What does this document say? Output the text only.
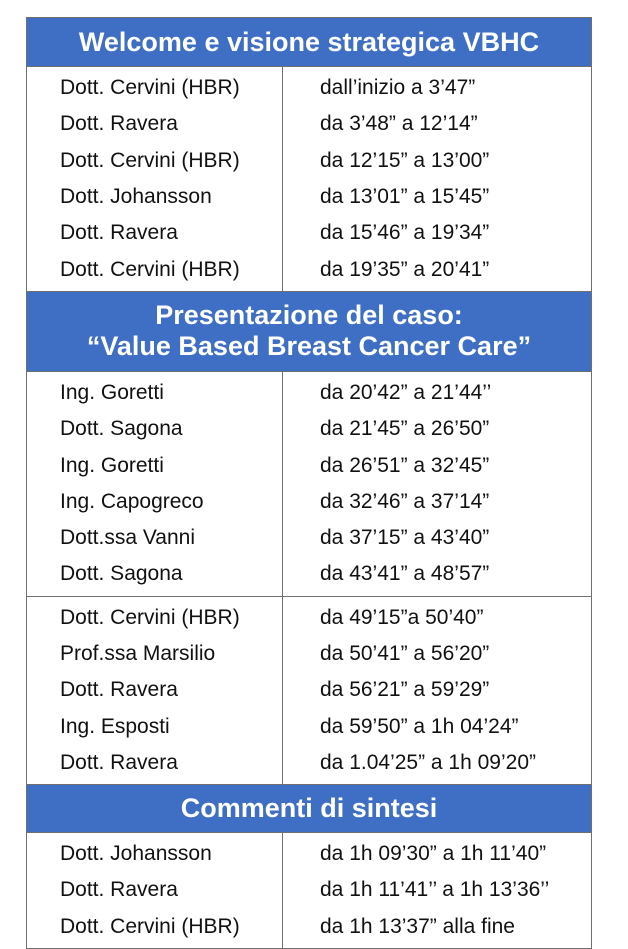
Welcome e visione strategica VBHC
Dott. Cervini (HBR)	dall’inizio a 3’47”
Dott. Ravera	da 3’48” a 12’14”
Dott. Cervini (HBR)	da 12’15” a 13’00”
Dott. Johansson	da 13’01” a 15’45”
Dott. Ravera	da 15’46” a 19’34”
Dott. Cervini (HBR)	da 19’35” a 20’41”
Presentazione del caso:
“Value Based Breast Cancer Care”
Ing. Goretti	da 20’42” a 21’44’’
Dott. Sagona	da 21’45” a 26’50”
Ing. Goretti	da 26’51” a 32’45”
Ing. Capogreco	da 32’46” a 37’14”
Dott.ssa Vanni	da 37’15” a 43’40”
Dott. Sagona	da 43’41” a 48’57”
Dott. Cervini (HBR)	da 49’15”a 50’40”
Prof.ssa Marsilio	da 50’41” a 56’20”
Dott. Ravera	da 56’21” a 59’29”
Ing. Esposti	da 59’50” a 1h 04’24”
Dott. Ravera	da 1.04’25” a 1h 09’20”
Commenti di sintesi
Dott. Johansson	da 1h 09’30” a 1h 11’40”
Dott. Ravera	da 1h 11’41’’ a 1h 13’36’’
Dott. Cervini (HBR)	da 1h 13’37” alla fine
